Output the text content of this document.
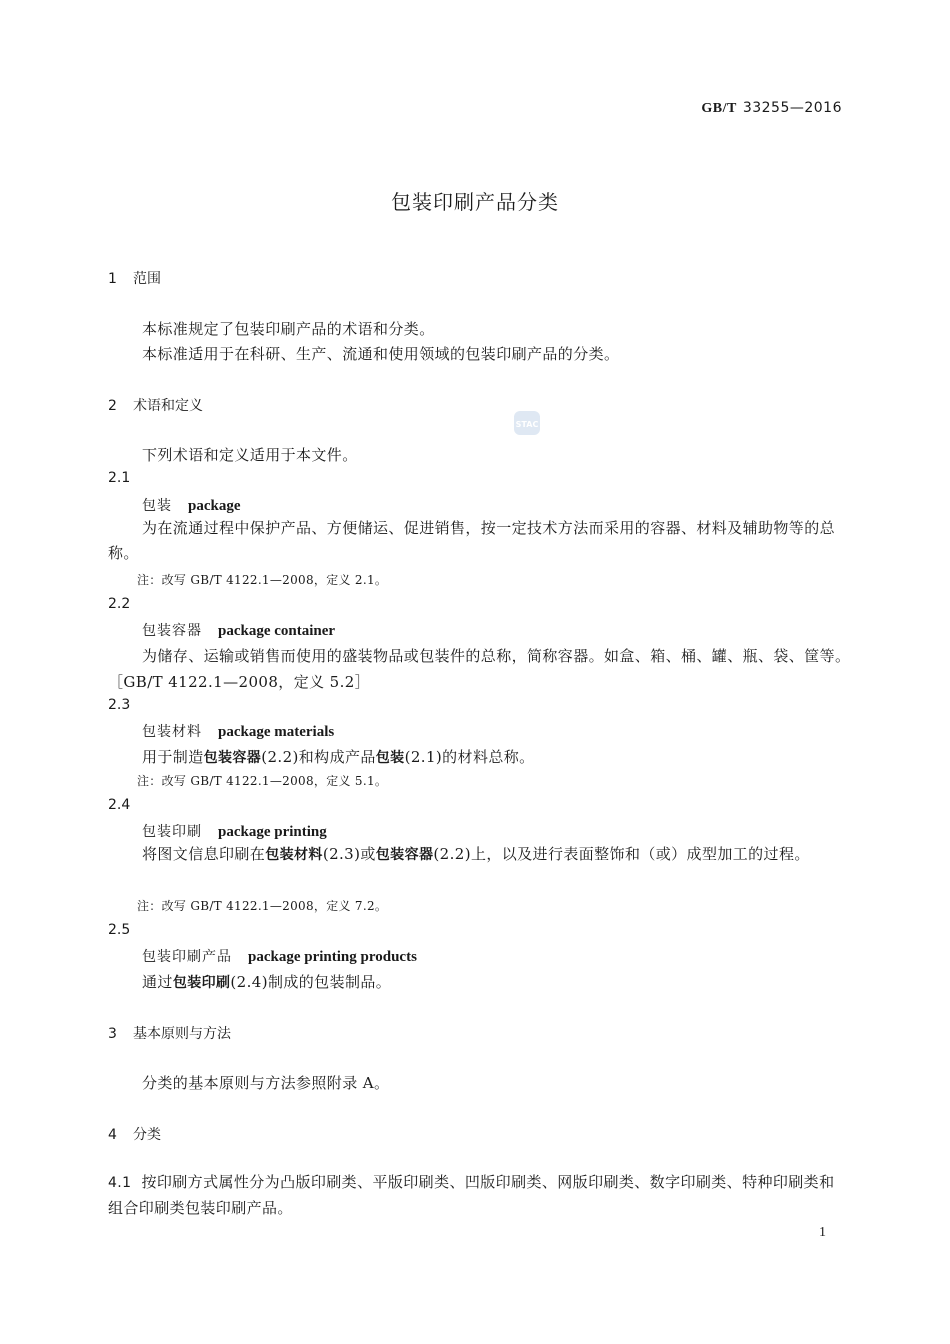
GB/T 33255—2016
STAC
包装印刷产品分类
1 范围
本标准规定了包装印刷产品的术语和分类。
本标准适用于在科研、生产、流通和使用领域的包装印刷产品的分类。
2 术语和定义
下列术语和定义适用于本文件。
2.1
包装 package
为在流通过程中保护产品、方便储运、促进销售，按一定技术方法而采用的容器、材料及辅助物等的总称。
注：改写 GB/T 4122.1—2008，定义 2.1。
2.2
包装容器 package container
为储存、运输或销售而使用的盛装物品或包装件的总称，简称容器。如盒、箱、桶、罐、瓶、袋、筐等。
［GB/T 4122.1—2008，定义 5.2］
2.3
包装材料 package materials
用于制造包装容器(2.2)和构成产品包装(2.1)的材料总称。
注：改写 GB/T 4122.1—2008，定义 5.1。
2.4
包装印刷 package printing
将图文信息印刷在包装材料(2.3)或包装容器(2.2)上，以及进行表面整饰和（或）成型加工的过程。
注：改写 GB/T 4122.1—2008，定义 7.2。
2.5
包装印刷产品 package printing products
通过包装印刷(2.4)制成的包装制品。
3 基本原则与方法
分类的基本原则与方法参照附录 A。
4 分类
4.1 按印刷方式属性分为凸版印刷类、平版印刷类、凹版印刷类、网版印刷类、数字印刷类、特种印刷类和组合印刷类包装印刷产品。
1
